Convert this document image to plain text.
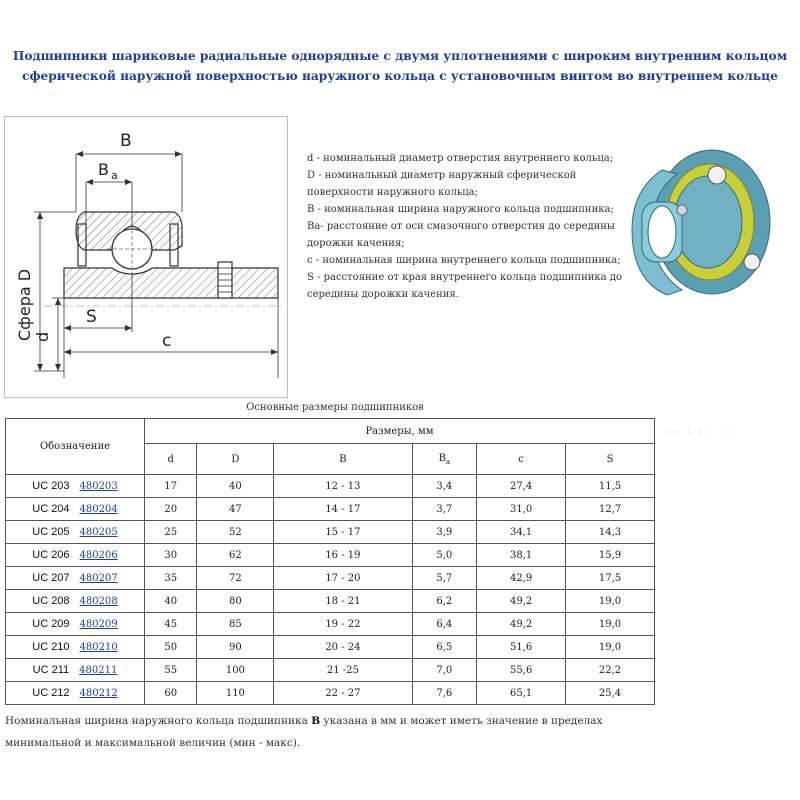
Подшипники шариковые радиальные однорядные с двумя уплотнениями с широким внутренним кольцом
сферической наружной поверхностью наружного кольца с установочным винтом во внутреннем кольце
B
B a
Сфера D d
S
c

d - номинальный диаметр отверстия внутреннего кольца;

D - номинальный диаметр наружный сферической поверхности наружного кольца;

B - номинальная ширина наружного кольца подшипника;

Ba- расстояние от оси смазочного отверстия до середины дорожки качения;

c - номинальная ширина внутреннего кольца подшипника;

S - расстояние от края внутреннего кольца подшипника до середины дорожки качения.

Основные размеры подшипников
· · · · · · ·
Обозначение	Размеры, мм					
	d	D	B	$B_a$	c	S

UC 203 480203	17	40	12 - 13	3,4	27,4	11,5

UC 204 480204	20	47	14 - 17	3,7	31,0	12,7

UC 205 480205	25	52	15 - 17	3,9	34,1	14,3

UC 206 480206	30	62	16 - 19	5,0	38,1	15,9

UC 207 480207	35	72	17 - 20	5,7	42,9	17,5

UC 208 480208	40	80	18 - 21	6,2	49,2	19,0

UC 209 480209	45	85	19 - 22	6,4	49,2	19,0

UC 210 480210	50	90	20 - 24	6,5	51,6	19,0

UC 211 480211	55	100	21 -25	7,0	55,6	22,2

UC 212 480212	60	110	22 - 27	7,6	65,1	25,4
Номинальная ширина наружного кольца подшипника B указана в мм и может иметь значение в пределах минимальной и максимальной величин (мин - макс).
